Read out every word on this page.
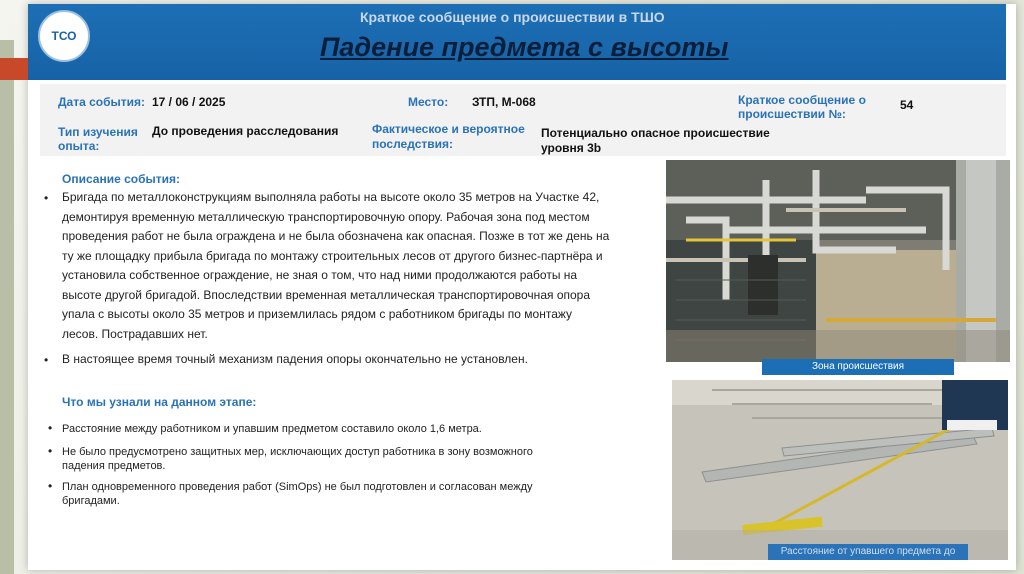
ТСО
Краткое сообщение о происшествии в ТШО
Падение предмета с высоты
Дата события: 17 / 06 / 2025	Место: ЗТП, М-068	Краткое сообщение о
происшествии №:
54
Тип изучения
опыта:
До проведения расследования	Фактическое и вероятное
последствия:
Потенциально опасное происшествие
уровня 3b
Описание события:
• Бригада по металлоконструкциям выполняла работы на высоте около 35 метров на Участке 42,
демонтируя временную металлическую транспортировочную опору. Рабочая зона под местом
проведения работ не была ограждена и не была обозначена как опасная. Позже в тот же день на
ту же площадку прибыла бригада по монтажу строительных лесов от другого бизнес-партнёра и
установила собственное ограждение, не зная о том, что над ними продолжаются работы на
высоте другой бригадой. Впоследствии временная металлическая транспортировочная опора
упала с высоты около 35 метров и приземлилась рядом с работником бригады по монтажу
лесов. Пострадавших нет.
• В настоящее время точный механизм падения опоры окончательно не установлен.
Что мы узнали на данном этапе:
• Расстояние между работником и упавшим предметом составило около 1,6 метра.
• Не было предусмотрено защитных мер, исключающих доступ работника в зону возможного
падения предметов.
• План одновременного проведения работ (SimOps) не был подготовлен и согласован между
бригадами.
Зона происшествия
Расстояние от упавшего предмета до
